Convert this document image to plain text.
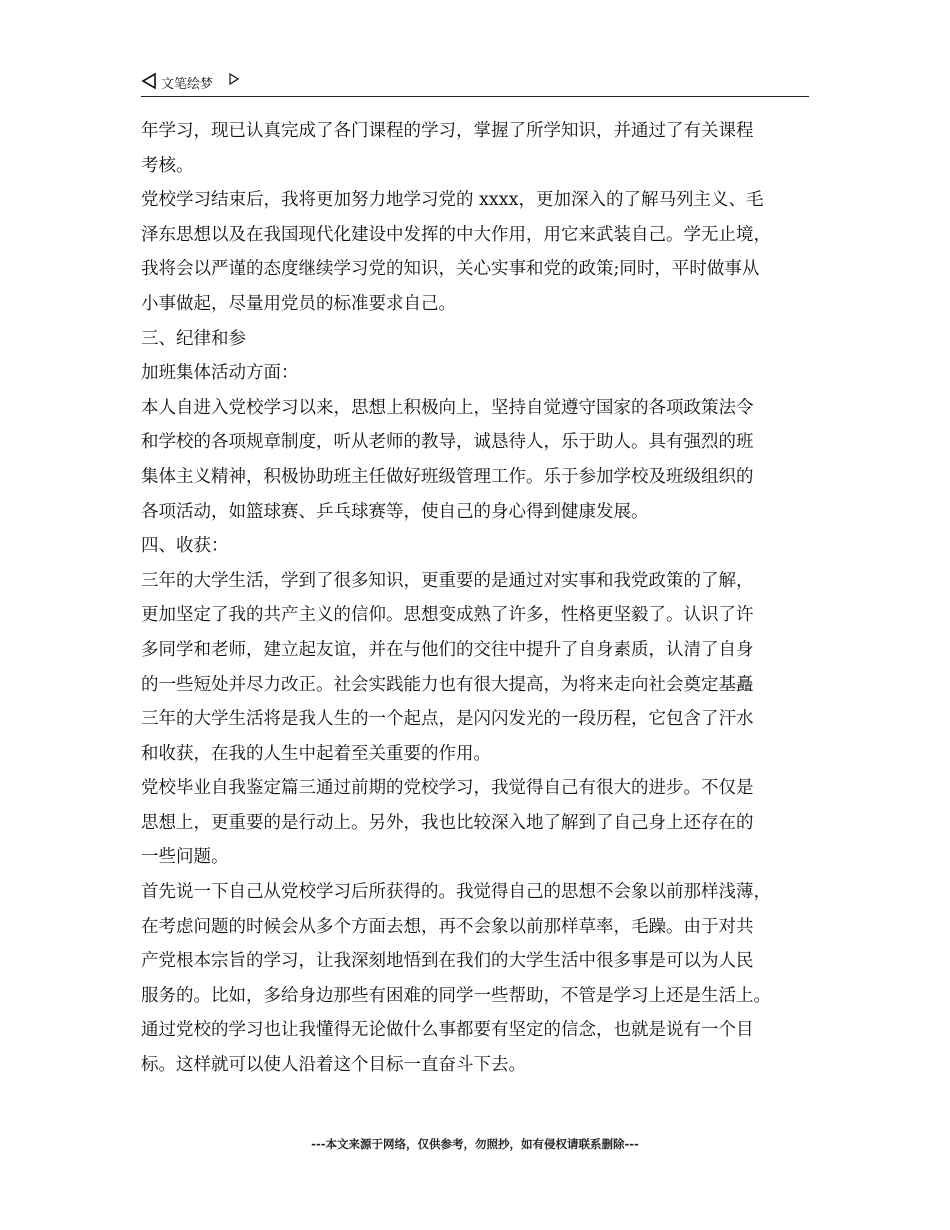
文笔绘梦
年学习，现已认真完成了各门课程的学习，掌握了所学知识，并通过了有关课程
考核。
党校学习结束后，我将更加努力地学习党的 xxxx，更加深入的了解马列主义、毛
泽东思想以及在我国现代化建设中发挥的中大作用，用它来武装自己。学无止境，
我将会以严谨的态度继续学习党的知识，关心实事和党的政策;同时，平时做事从
小事做起，尽量用党员的标准要求自己。
三、纪律和参
加班集体活动方面：
本人自进入党校学习以来，思想上积极向上，坚持自觉遵守国家的各项政策法令
和学校的各项规章制度，听从老师的教导，诚恳待人，乐于助人。具有强烈的班
集体主义精神，积极协助班主任做好班级管理工作。乐于参加学校及班级组织的
各项活动，如篮球赛、乒乓球赛等，使自己的身心得到健康发展。
四、收获：
三年的大学生活，学到了很多知识，更重要的是通过对实事和我党政策的了解，
更加坚定了我的共产主义的信仰。思想变成熟了许多，性格更坚毅了。认识了许
多同学和老师，建立起友谊，并在与他们的交往中提升了自身素质，认清了自身
的一些短处并尽力改正。社会实践能力也有很大提高，为将来走向社会奠定基矗
三年的大学生活将是我人生的一个起点，是闪闪发光的一段历程，它包含了汗水
和收获，在我的人生中起着至关重要的作用。
党校毕业自我鉴定篇三通过前期的党校学习，我觉得自己有很大的进步。不仅是
思想上，更重要的是行动上。另外，我也比较深入地了解到了自己身上还存在的
一些问题。
首先说一下自己从党校学习后所获得的。我觉得自己的思想不会象以前那样浅薄，
在考虑问题的时候会从多个方面去想，再不会象以前那样草率，毛躁。由于对共
产党根本宗旨的学习，让我深刻地悟到在我们的大学生活中很多事是可以为人民
服务的。比如，多给身边那些有困难的同学一些帮助，不管是学习上还是生活上。
通过党校的学习也让我懂得无论做什么事都要有坚定的信念，也就是说有一个目
标。这样就可以使人沿着这个目标一直奋斗下去。
---本文来源于网络，仅供参考，勿照抄，如有侵权请联系删除---
